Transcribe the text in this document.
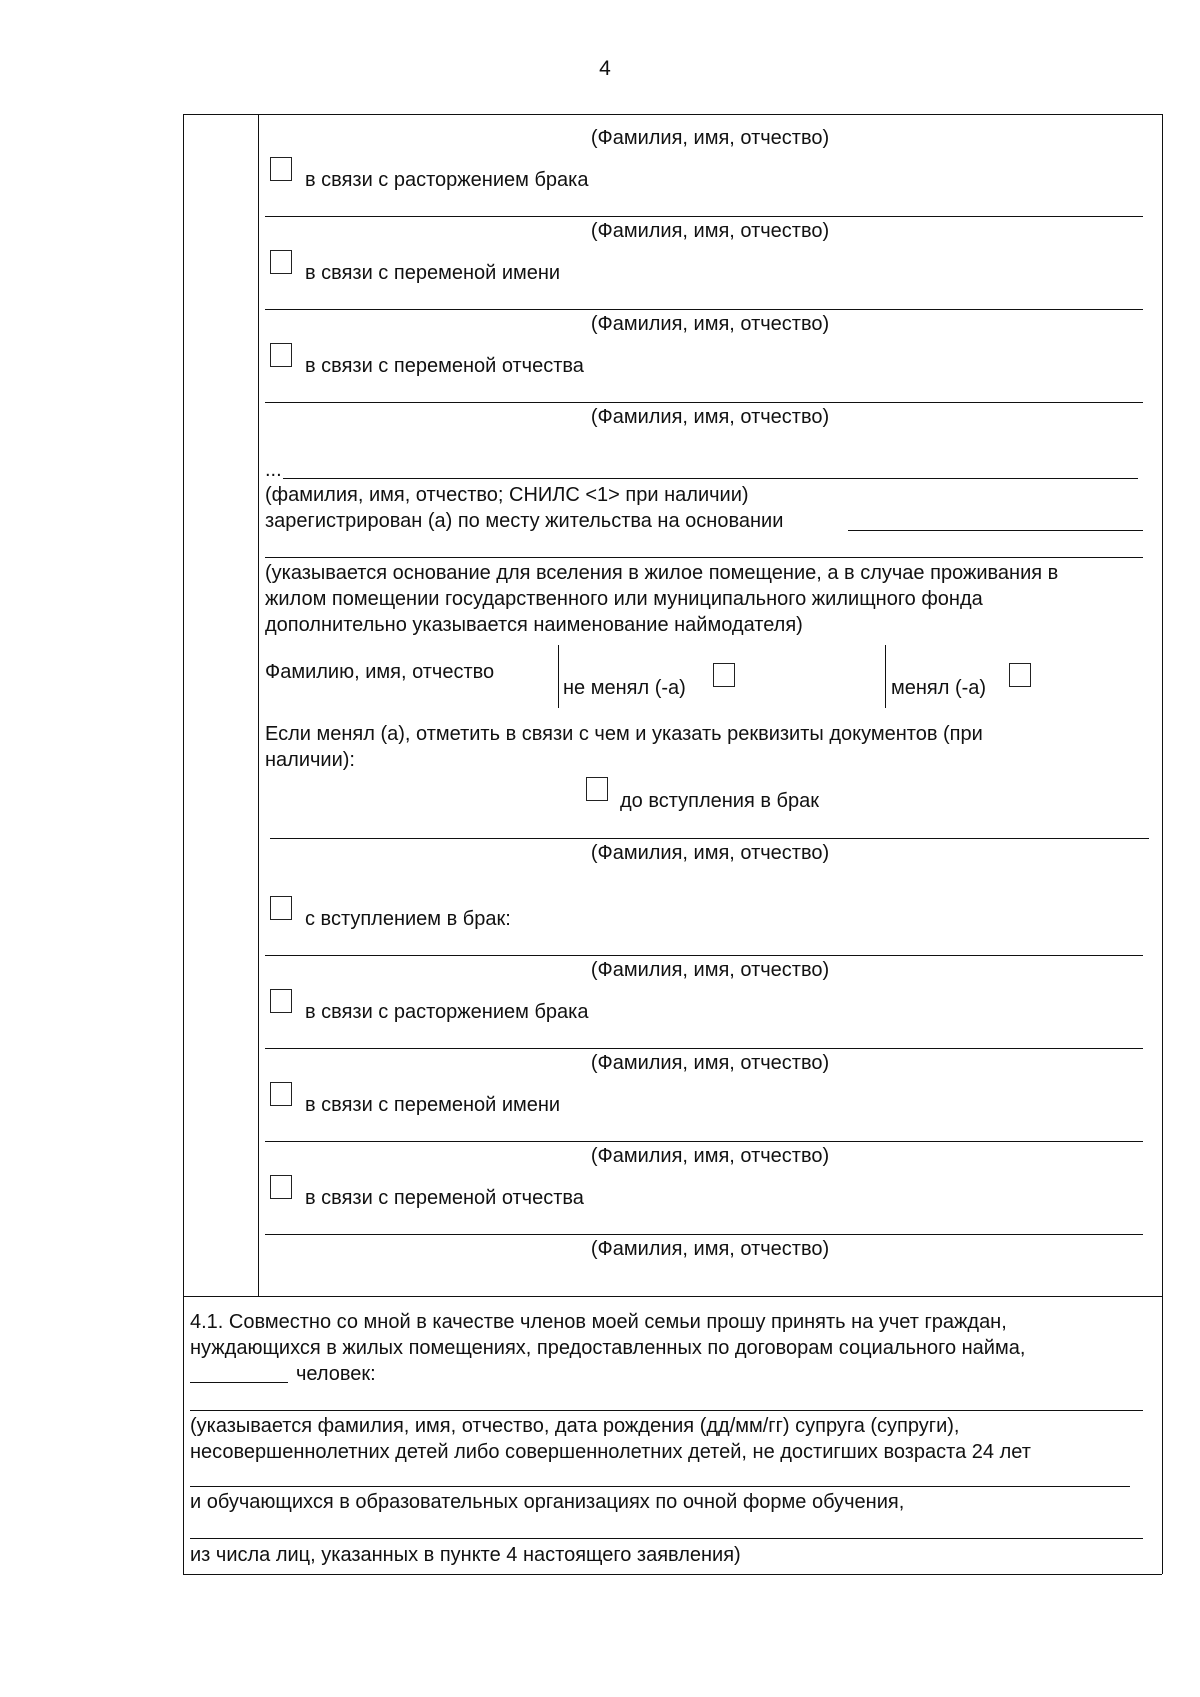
4
(Фамилия, имя, отчество)
в связи с расторжением брака
(Фамилия, имя, отчество)
в связи с переменой имени
(Фамилия, имя, отчество)
в связи с переменой отчества
(Фамилия, имя, отчество)
...
(фамилия, имя, отчество; СНИЛС <1> при наличии)
зарегистрирован (а) по месту жительства на основании
(указывается основание для вселения в жилое помещение, а в случае проживания в
жилом помещении государственного или муниципального жилищного фонда
дополнительно указывается наименование наймодателя)
Фамилию, имя, отчество
не менял (-а)	менял (-а)
Если менял (а), отметить в связи с чем и указать реквизиты документов (при
наличии):
до вступления в брак
(Фамилия, имя, отчество)
с вступлением в брак:
(Фамилия, имя, отчество)
в связи с расторжением брака
(Фамилия, имя, отчество)
в связи с переменой имени
(Фамилия, имя, отчество)
в связи с переменой отчества
(Фамилия, имя, отчество)
4.1. Совместно со мной в качестве членов моей семьи прошу принять на учет граждан,
нуждающихся в жилых помещениях, предоставленных по договорам социального найма,
человек:
(указывается фамилия, имя, отчество, дата рождения (дд/мм/гг) супруга (супруги),
несовершеннолетних детей либо совершеннолетних детей, не достигших возраста 24 лет
и обучающихся в образовательных организациях по очной форме обучения,
из числа лиц, указанных в пункте 4 настоящего заявления)
